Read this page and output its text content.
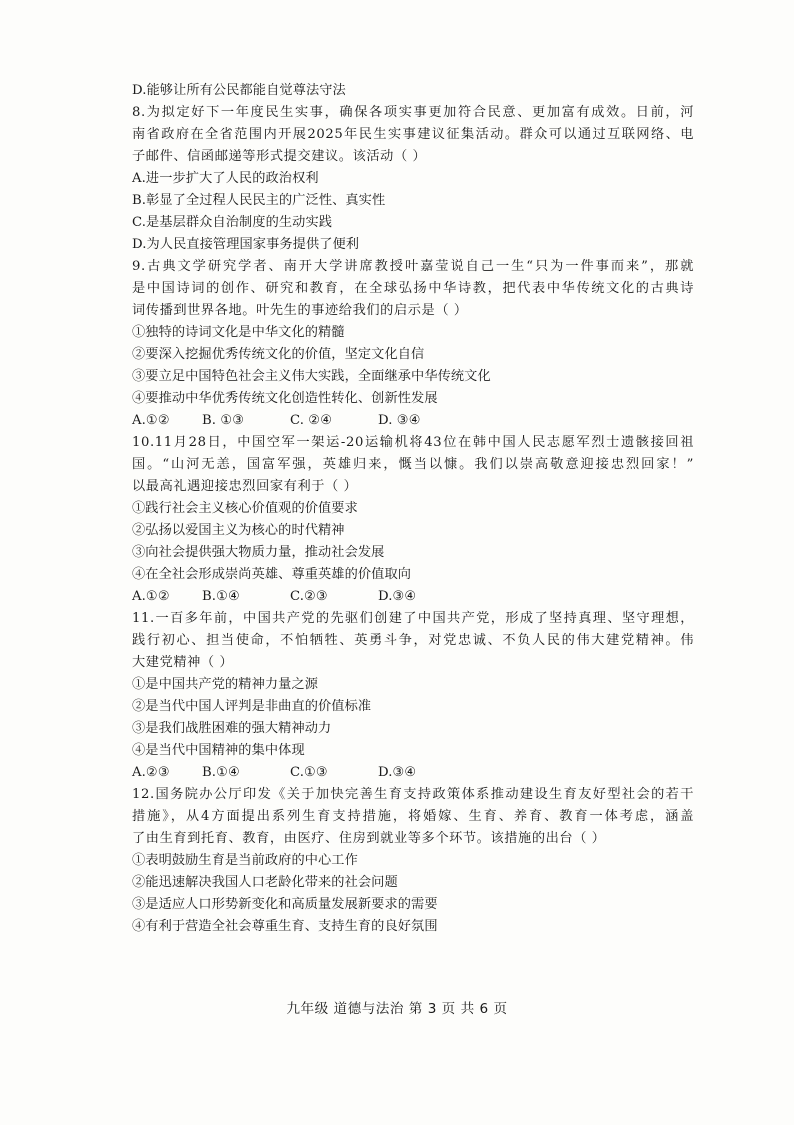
D.能够让所有公民都能自觉尊法守法
8.为拟定好下一年度民生实事，确保各项实事更加符合民意、更加富有成效。日前，河
南省政府在全省范围内开展2025年民生实事建议征集活动。群众可以通过互联网络、电
子邮件、信函邮递等形式提交建议。该活动（ ）
A.进一步扩大了人民的政治权利
B.彰显了全过程人民民主的广泛性、真实性
C.是基层群众自治制度的生动实践
D.为人民直接管理国家事务提供了便利
9.古典文学研究学者、南开大学讲席教授叶嘉莹说自己一生“只为一件事而来”，那就
是中国诗词的创作、研究和教育，在全球弘扬中华诗教，把代表中华传统文化的古典诗
词传播到世界各地。叶先生的事迹给我们的启示是（ ）
①独特的诗词文化是中华文化的精髓
②要深入挖掘优秀传统文化的价值，坚定文化自信
③要立足中国特色社会主义伟大实践，全面继承中华传统文化
④要推动中华优秀传统文化创造性转化、创新性发展
A.①② B. ①③	C. ②④	D. ③④
10.11月28日，中国空军一架运-20运输机将43位在韩中国人民志愿军烈士遗骸接回祖
国。“山河无恙，国富军强，英雄归来，慨当以慷。我们以崇高敬意迎接忠烈回家！”
以最高礼遇迎接忠烈回家有利于（ ）
①践行社会主义核心价值观的价值要求
②弘扬以爱国主义为核心的时代精神
③向社会提供强大物质力量，推动社会发展
④在全社会形成崇尚英雄、尊重英雄的价值取向
A.①② B.①④	C.②③	D.③④
11.一百多年前，中国共产党的先驱们创建了中国共产党，形成了坚持真理、坚守理想，
践行初心、担当使命，不怕牺牲、英勇斗争，对党忠诚、不负人民的伟大建党精神。伟
大建党精神（ ）
①是中国共产党的精神力量之源
②是当代中国人评判是非曲直的价值标准
③是我们战胜困难的强大精神动力
④是当代中国精神的集中体现
A.②③ B.①④	C.①③	D.③④
12.国务院办公厅印发《关于加快完善生育支持政策体系推动建设生育友好型社会的若干
措施》，从4方面提出系列生育支持措施，将婚嫁、生育、养育、教育一体考虑，涵盖
了由生育到托育、教育，由医疗、住房到就业等多个环节。该措施的出台（ ）
①表明鼓励生育是当前政府的中心工作
②能迅速解决我国人口老龄化带来的社会问题
③是适应人口形势新变化和高质量发展新要求的需要
④有利于营造全社会尊重生育、支持生育的良好氛围
九年级 道德与法治 第 3 页 共 6 页
